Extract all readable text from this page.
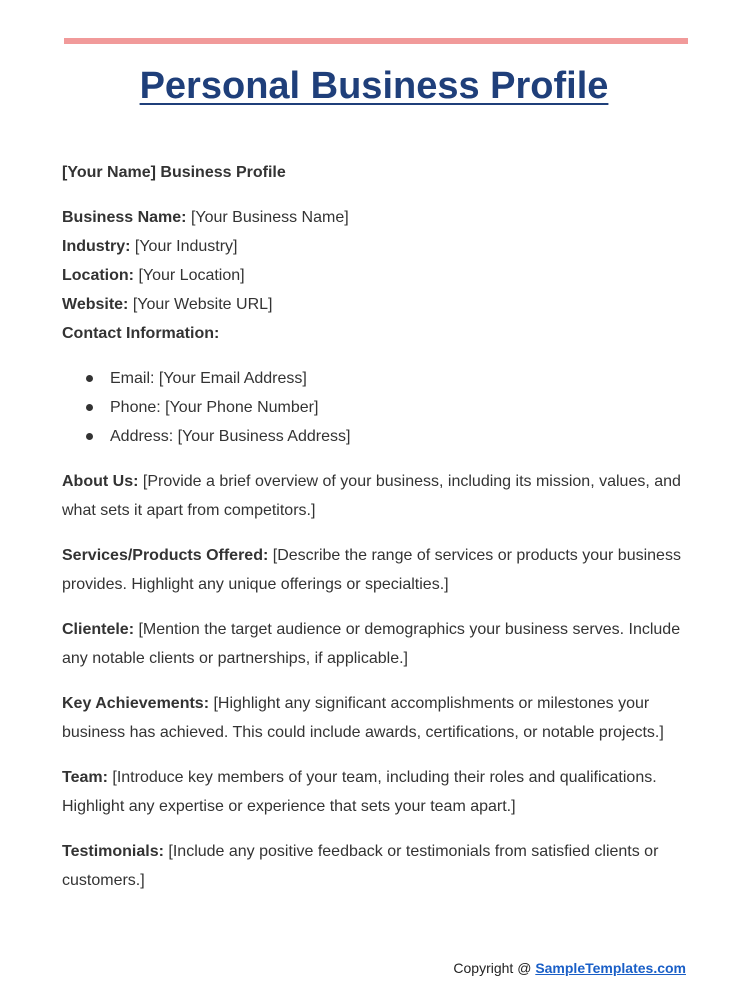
Personal Business Profile

[Your Name] Business Profile

Business Name: [Your Business Name]

Industry: [Your Industry]

Location: [Your Location]

Website: [Your Website URL]

Contact Information:

Email: [Your Email Address]
Phone: [Your Phone Number]
Address: [Your Business Address]

About Us: [Provide a brief overview of your business, including its mission, values, and what sets it apart from competitors.]

Services/Products Offered: [Describe the range of services or products your business provides. Highlight any unique offerings or specialties.]

Clientele: [Mention the target audience or demographics your business serves. Include any notable clients or partnerships, if applicable.]

Key Achievements: [Highlight any significant accomplishments or milestones your business has achieved. This could include awards, certifications, or notable projects.]

Team: [Introduce key members of your team, including their roles and qualifications. Highlight any expertise or experience that sets your team apart.]

Testimonials: [Include any positive feedback or testimonials from satisfied clients or customers.]

Copyright @ SampleTemplates.com
